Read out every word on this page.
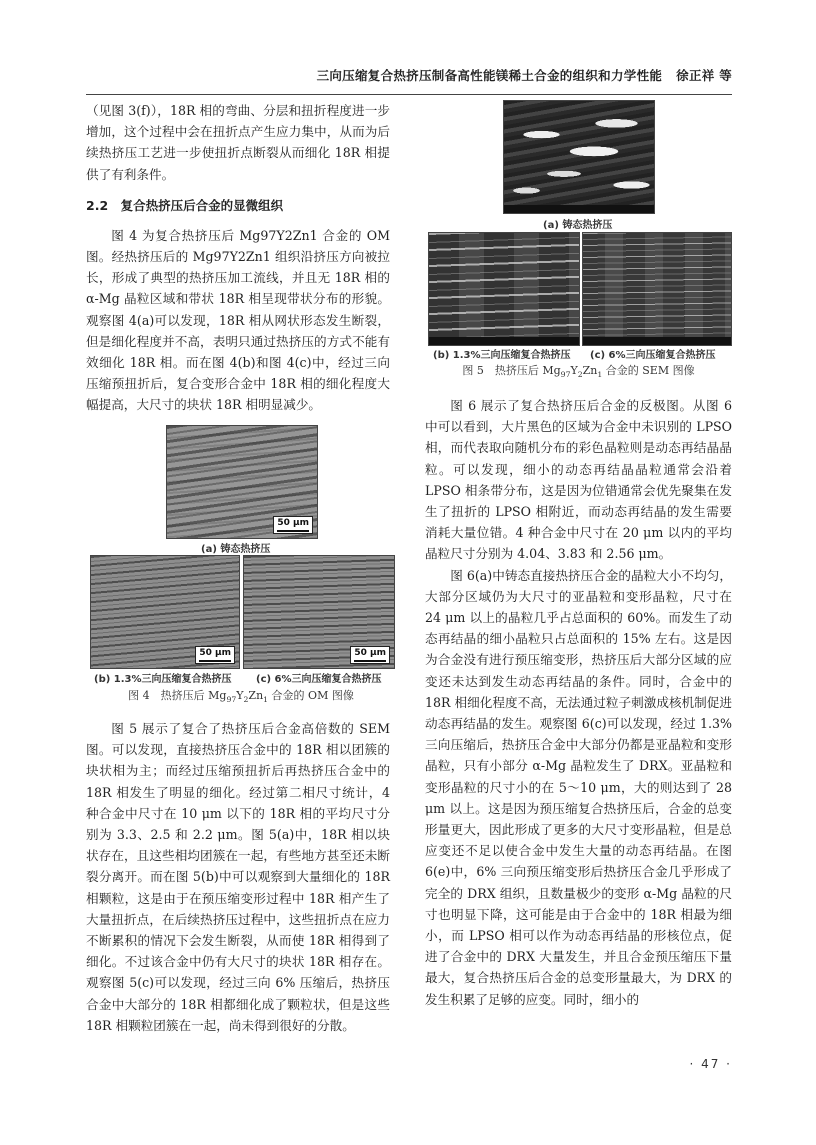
三向压缩复合热挤压制备高性能镁稀土合金的组织和力学性能 徐正祥 等

（见图 3(f)），18R 相的弯曲、分层和扭折程度进一步增加，这个过程中会在扭折点产生应力集中，从而为后续热挤压工艺进一步使扭折点断裂从而细化 18R 相提供了有利条件。

2.2　复合热挤压后合金的显微组织

图 4 为复合热挤压后 Mg97Y2Zn1 合金的 OM 图。经热挤压后的 Mg97Y2Zn1 组织沿挤压方向被拉长，形成了典型的热挤压加工流线，并且无 18R 相的 α-Mg 晶粒区域和带状 18R 相呈现带状分布的形貌。观察图 4(a)可以发现，18R 相从网状形态发生断裂，但是细化程度并不高，表明只通过热挤压的方式不能有效细化 18R 相。而在图 4(b)和图 4(c)中，经过三向压缩预扭折后，复合变形合金中 18R 相的细化程度大幅提高，大尺寸的块状 18R 相明显减少。

50 μm
(a) 铸态热挤压
50 μm	50 μm
(b) 1.3%三向压缩复合热挤压 (c) 6%三向压缩复合热挤压
图 4　热挤压后 $Mg_{97}Y_2Zn_1$ 合金的 OM 图像

图 5 展示了复合了热挤压后合金高倍数的 SEM 图。可以发现，直接热挤压合金中的 18R 相以团簇的块状相为主；而经过压缩预扭折后再热挤压合金中的 18R 相发生了明显的细化。经过第二相尺寸统计，4 种合金中尺寸在 10 μm 以下的 18R 相的平均尺寸分别为 3.3、2.5 和 2.2 μm。图 5(a)中，18R 相以块状存在，且这些相均团簇在一起，有些地方甚至还未断裂分离开。而在图 5(b)中可以观察到大量细化的 18R 相颗粒，这是由于在预压缩变形过程中 18R 相产生了大量扭折点，在后续热挤压过程中，这些扭折点在应力不断累积的情况下会发生断裂，从而使 18R 相得到了细化。不过该合金中仍有大尺寸的块状 18R 相存在。观察图 5(c)可以发现，经过三向 6% 压缩后，热挤压合金中大部分的 18R 相都细化成了颗粒状，但是这些 18R 相颗粒团簇在一起，尚未得到很好的分散。

(a) 铸态热挤压
(b) 1.3%三向压缩复合热挤压 (c) 6%三向压缩复合热挤压
图 5　热挤压后 $Mg_{97}Y_2Zn_1$ 合金的 SEM 图像

图 6 展示了复合热挤压后合金的反极图。从图 6 中可以看到，大片黑色的区域为合金中未识别的 LPSO 相，而代表取向随机分布的彩色晶粒则是动态再结晶晶粒。可以发现，细小的动态再结晶晶粒通常会沿着 LPSO 相条带分布，这是因为位错通常会优先聚集在发生了扭折的 LPSO 相附近，而动态再结晶的发生需要消耗大量位错。4 种合金中尺寸在 20 μm 以内的平均晶粒尺寸分别为 4.04、3.83 和 2.56 μm。

图 6(a)中铸态直接热挤压合金的晶粒大小不均匀，大部分区域仍为大尺寸的亚晶粒和变形晶粒，尺寸在 24 μm 以上的晶粒几乎占总面积的 60%。而发生了动态再结晶的细小晶粒只占总面积的 15% 左右。这是因为合金没有进行预压缩变形，热挤压后大部分区域的应变还未达到发生动态再结晶的条件。同时，合金中的 18R 相细化程度不高，无法通过粒子刺激成核机制促进动态再结晶的发生。观察图 6(c)可以发现，经过 1.3% 三向压缩后，热挤压合金中大部分仍都是亚晶粒和变形晶粒，只有小部分 α-Mg 晶粒发生了 DRX。亚晶粒和变形晶粒的尺寸小的在 5～10 μm，大的则达到了 28 μm 以上。这是因为预压缩复合热挤压后，合金的总变形量更大，因此形成了更多的大尺寸变形晶粒，但是总应变还不足以使合金中发生大量的动态再结晶。在图 6(e)中，6% 三向预压缩变形后热挤压合金几乎形成了完全的 DRX 组织，且数量极少的变形 α-Mg 晶粒的尺寸也明显下降，这可能是由于合金中的 18R 相最为细小，而 LPSO 相可以作为动态再结晶的形核位点，促进了合金中的 DRX 大量发生，并且合金预压缩压下量最大，复合热挤压后合金的总变形量最大，为 DRX 的发生积累了足够的应变。同时，细小的

· 47 ·
